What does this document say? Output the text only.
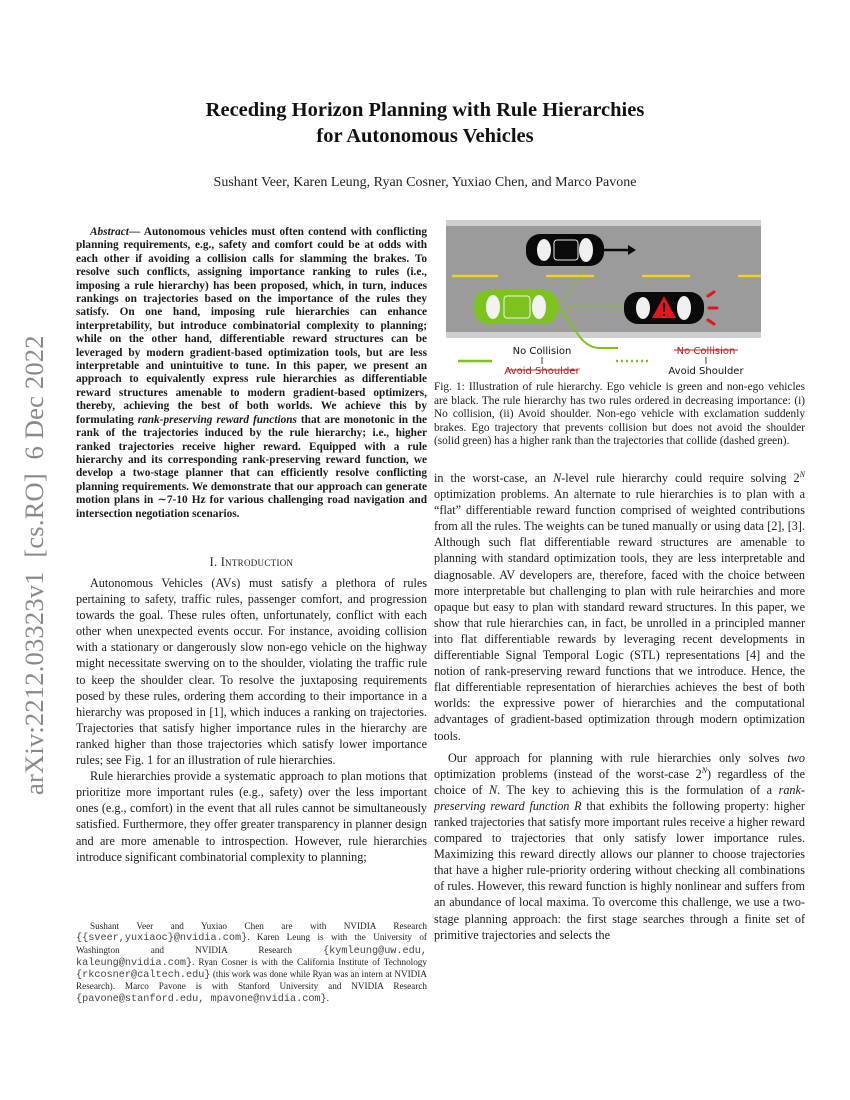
arXiv:2212.03323v1  [cs.RO]  6 Dec 2022
Receding Horizon Planning with Rule Hierarchies
for Autonomous Vehicles
Sushant Veer, Karen Leung, Ryan Cosner, Yuxiao Chen, and Marco Pavone

Abstract— Autonomous vehicles must often contend with conflicting planning requirements, e.g., safety and comfort could be at odds with each other if avoiding a collision calls for slamming the brakes. To resolve such conflicts, assigning importance ranking to rules (i.e., imposing a rule hierarchy) has been proposed, which, in turn, induces rankings on trajectories based on the importance of the rules they satisfy. On one hand, imposing rule hierarchies can enhance interpretability, but introduce combinatorial complexity to planning; while on the other hand, differentiable reward structures can be leveraged by modern gradient-based optimization tools, but are less interpretable and unintuitive to tune. In this paper, we present an approach to equivalently express rule hierarchies as differentiable reward structures amenable to modern gradient-based optimizers, thereby, achieving the best of both worlds. We achieve this by formulating rank-preserving reward functions that are monotonic in the rank of the trajectories induced by the rule hierarchy; i.e., higher ranked trajectories receive higher reward. Equipped with a rule hierarchy and its corresponding rank-preserving reward function, we develop a two-stage planner that can efficiently resolve conflicting planning requirements. We demonstrate that our approach can generate motion plans in ∼7-10 Hz for various challenging road navigation and intersection negotiation scenarios.

I. Introduction

Autonomous Vehicles (AVs) must satisfy a plethora of rules pertaining to safety, traffic rules, passenger comfort, and progression towards the goal. These rules often, unfortunately, conflict with each other when unexpected events occur. For instance, avoiding collision with a stationary or dangerously slow non-ego vehicle on the highway might necessitate swerving on to the shoulder, violating the traffic rule to keep the shoulder clear. To resolve the juxtaposing requirements posed by these rules, ordering them according to their importance in a hierarchy was proposed in [1], which induces a ranking on trajectories. Trajectories that satisfy higher importance rules in the hierarchy are ranked higher than those trajectories which satisfy lower importance rules; see Fig. 1 for an illustration of rule hierarchies.

Rule hierarchies provide a systematic approach to plan motions that prioritize more important rules (e.g., safety) over the less important ones (e.g., comfort) in the event that all rules cannot be simultaneously satisfied. Furthermore, they offer greater transparency in planner design and are more amenable to introspection. However, rule hierarchies introduce significant combinatorial complexity to planning;

Sushant Veer and Yuxiao Chen are with NVIDIA Research {{sveer,yuxiaoc}@nvidia.com}. Karen Leung is with the University of Washington and NVIDIA Research {kymleung@uw.edu, kaleung@nvidia.com}. Ryan Cosner is with the California Institute of Technology {rkcosner@caltech.edu} (this work was done while Ryan was an intern at NVIDIA Research). Marco Pavone is with Stanford University and NVIDIA Research {pavone@stanford.edu, mpavone@nvidia.com}.

No Collision
Avoid Shoulder
No Collision
Avoid Shoulder

Fig. 1: Illustration of rule hierarchy. Ego vehicle is green and non-ego vehicles are black. The rule hierarchy has two rules ordered in decreasing importance: (i) No collision, (ii) Avoid shoulder. Non-ego vehicle with exclamation suddenly brakes. Ego trajectory that prevents collision but does not avoid the shoulder (solid green) has a higher rank than the trajectories that collide (dashed green).

in the worst-case, an N-level rule hierarchy could require solving $2^N$ optimization problems. An alternate to rule hierarchies is to plan with a “flat” differentiable reward function comprised of weighted contributions from all the rules. The weights can be tuned manually or using data [2], [3]. Although such flat differentiable reward structures are amenable to planning with standard optimization tools, they are less interpretable and diagnosable. AV developers are, therefore, faced with the choice between more interpretable but challenging to plan with rule heirarchies and more opaque but easy to plan with standard reward structures. In this paper, we show that rule hierarchies can, in fact, be unrolled in a principled manner into flat differentiable rewards by leveraging recent developments in differentiable Signal Temporal Logic (STL) representations [4] and the notion of rank-preserving reward functions that we introduce. Hence, the flat differentiable representation of hierarchies achieves the best of both worlds: the expressive power of hierarchies and the computational advantages of gradient-based optimization through modern optimization tools.

Our approach for planning with rule hierarchies only solves two optimization problems (instead of the worst-case $2^N$) regardless of the choice of N. The key to achieving this is the formulation of a rank-preserving reward function R that exhibits the following property: higher ranked trajectories that satisfy more important rules receive a higher reward compared to trajectories that only satisfy lower importance rules. Maximizing this reward directly allows our planner to choose trajectories that have a higher rule-priority ordering without checking all combinations of rules. However, this reward function is highly nonlinear and suffers from an abundance of local maxima. To overcome this challenge, we use a two-stage planning approach: the first stage searches through a finite set of primitive trajectories and selects the
